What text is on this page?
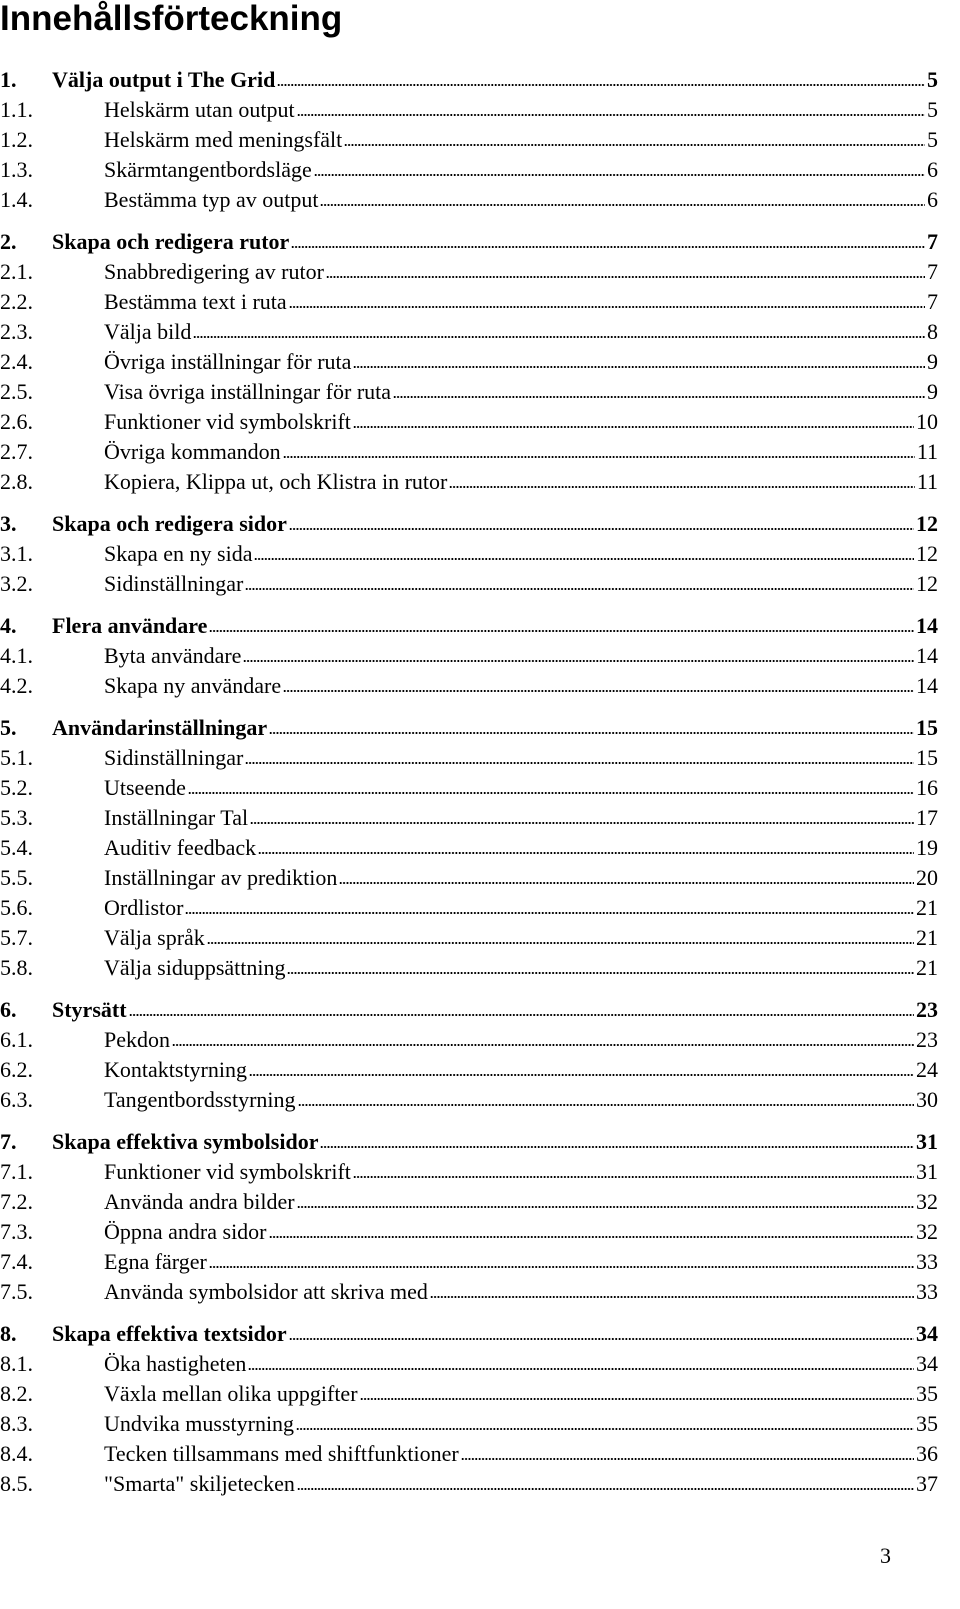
Innehållsförteckning
1.	Välja output i The Grid	5
1.1.	Helskärm utan output	5
1.2.	Helskärm med meningsfält	5
1.3.	Skärmtangentbordsläge	6
1.4.	Bestämma typ av output	6
2.	Skapa och redigera rutor	7
2.1.	Snabbredigering av rutor	7
2.2.	Bestämma text i ruta	7
2.3.	Välja bild	8
2.4.	Övriga inställningar för ruta	9
2.5.	Visa övriga inställningar för ruta	9
2.6.	Funktioner vid symbolskrift	10
2.7.	Övriga kommandon	11
2.8.	Kopiera, Klippa ut, och Klistra in rutor	11
3.	Skapa och redigera sidor	12
3.1.	Skapa en ny sida	12
3.2.	Sidinställningar	12
4.	Flera användare	14
4.1.	Byta användare	14
4.2.	Skapa ny användare	14
5.	Användarinställningar	15
5.1.	Sidinställningar	15
5.2.	Utseende	16
5.3.	Inställningar Tal	17
5.4.	Auditiv feedback	19
5.5.	Inställningar av prediktion	20
5.6.	Ordlistor	21
5.7.	Välja språk	21
5.8.	Välja siduppsättning	21
6.	Styrsätt	23
6.1.	Pekdon	23
6.2.	Kontaktstyrning	24
6.3.	Tangentbordsstyrning	30
7.	Skapa effektiva symbolsidor	31
7.1.	Funktioner vid symbolskrift	31
7.2.	Använda andra bilder	32
7.3.	Öppna andra sidor	32
7.4.	Egna färger	33
7.5.	Använda symbolsidor att skriva med	33
8.	Skapa effektiva textsidor	34
8.1.	Öka hastigheten	34
8.2.	Växla mellan olika uppgifter	35
8.3.	Undvika musstyrning	35
8.4.	Tecken tillsammans med shiftfunktioner	36
8.5.	"Smarta" skiljetecken	37
3
